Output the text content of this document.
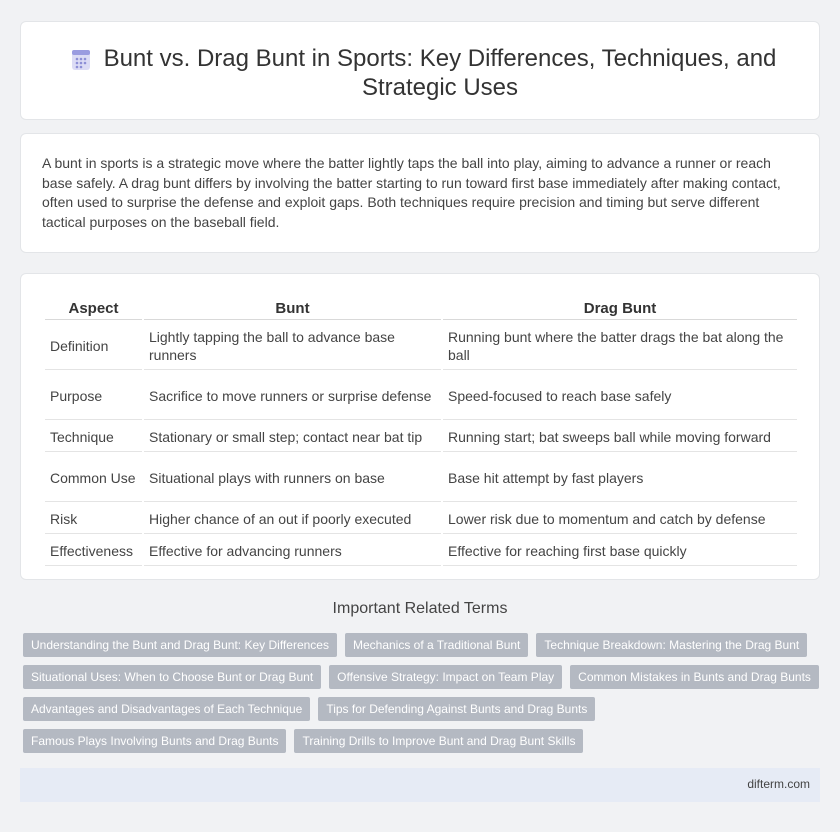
Bunt vs. Drag Bunt in Sports: Key Differences, Techniques, and Strategic Uses

A bunt in sports is a strategic move where the batter lightly taps the ball into play, aiming to advance a runner or reach base safely. A drag bunt differs by involving the batter starting to run toward first base immediately after making contact, often used to surprise the defense and exploit gaps. Both techniques require precision and timing but serve different tactical purposes on the baseball field.

Aspect	Bunt	Drag Bunt
Definition	Lightly tapping the ball to advance base runners	Running bunt where the batter drags the bat along the ball
Purpose	Sacrifice to move runners or surprise defense	Speed-focused to reach base safely
Technique	Stationary or small step; contact near bat tip	Running start; bat sweeps ball while moving forward
Common Use	Situational plays with runners on base	Base hit attempt by fast players
Risk	Higher chance of an out if poorly executed	Lower risk due to momentum and catch by defense
Effectiveness	Effective for advancing runners	Effective for reaching first base quickly
Important Related Terms
Understanding the Bunt and Drag Bunt: Key Differences	Mechanics of a Traditional Bunt	Technique Breakdown: Mastering the Drag Bunt
Situational Uses: When to Choose Bunt or Drag Bunt	Offensive Strategy: Impact on Team Play	Common Mistakes in Bunts and Drag Bunts
Advantages and Disadvantages of Each Technique	Tips for Defending Against Bunts and Drag Bunts
Famous Plays Involving Bunts and Drag Bunts	Training Drills to Improve Bunt and Drag Bunt Skills
difterm.com
